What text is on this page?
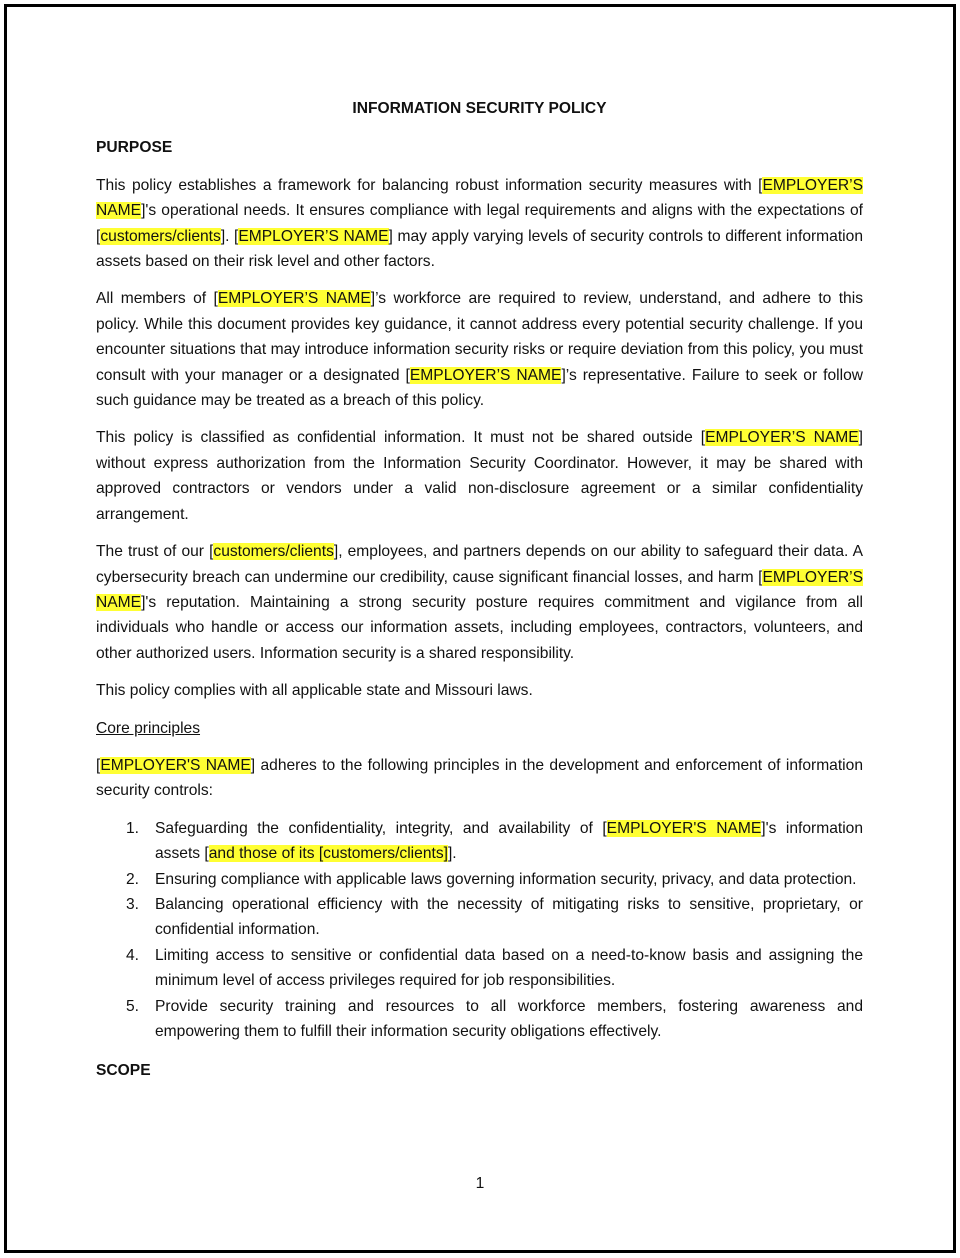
INFORMATION SECURITY POLICY
PURPOSE

This policy establishes a framework for balancing robust information security measures with [EMPLOYER’S NAME]'s operational needs. It ensures compliance with legal requirements and aligns with the expectations of [customers/clients]. [EMPLOYER’S NAME] may apply varying levels of security controls to different information assets based on their risk level and other factors.

All members of [EMPLOYER’S NAME]’s workforce are required to review, understand, and adhere to this policy. While this document provides key guidance, it cannot address every potential security challenge. If you encounter situations that may introduce information security risks or require deviation from this policy, you must consult with your manager or a designated [EMPLOYER’S NAME]’s representative. Failure to seek or follow such guidance may be treated as a breach of this policy.

This policy is classified as confidential information. It must not be shared outside [EMPLOYER’S NAME] without express authorization from the Information Security Coordinator. However, it may be shared with approved contractors or vendors under a valid non-disclosure agreement or a similar confidentiality arrangement.

The trust of our [customers/clients], employees, and partners depends on our ability to safeguard their data. A cybersecurity breach can undermine our credibility, cause significant financial losses, and harm [EMPLOYER’S NAME]'s reputation. Maintaining a strong security posture requires commitment and vigilance from all individuals who handle or access our information assets, including employees, contractors, volunteers, and other authorized users. Information security is a shared responsibility.

This policy complies with all applicable state and Missouri laws.

Core principles

[EMPLOYER'S NAME] adheres to the following principles in the development and enforcement of information security controls:

1. Safeguarding the confidentiality, integrity, and availability of [EMPLOYER'S NAME]'s information assets [and those of its [customers/clients]].
2. Ensuring compliance with applicable laws governing information security, privacy, and data protection.
3. Balancing operational efficiency with the necessity of mitigating risks to sensitive, proprietary, or confidential information.
4. Limiting access to sensitive or confidential data based on a need-to-know basis and assigning the minimum level of access privileges required for job responsibilities.
5. Provide security training and resources to all workforce members, fostering awareness and empowering them to fulfill their information security obligations effectively.
SCOPE
1
